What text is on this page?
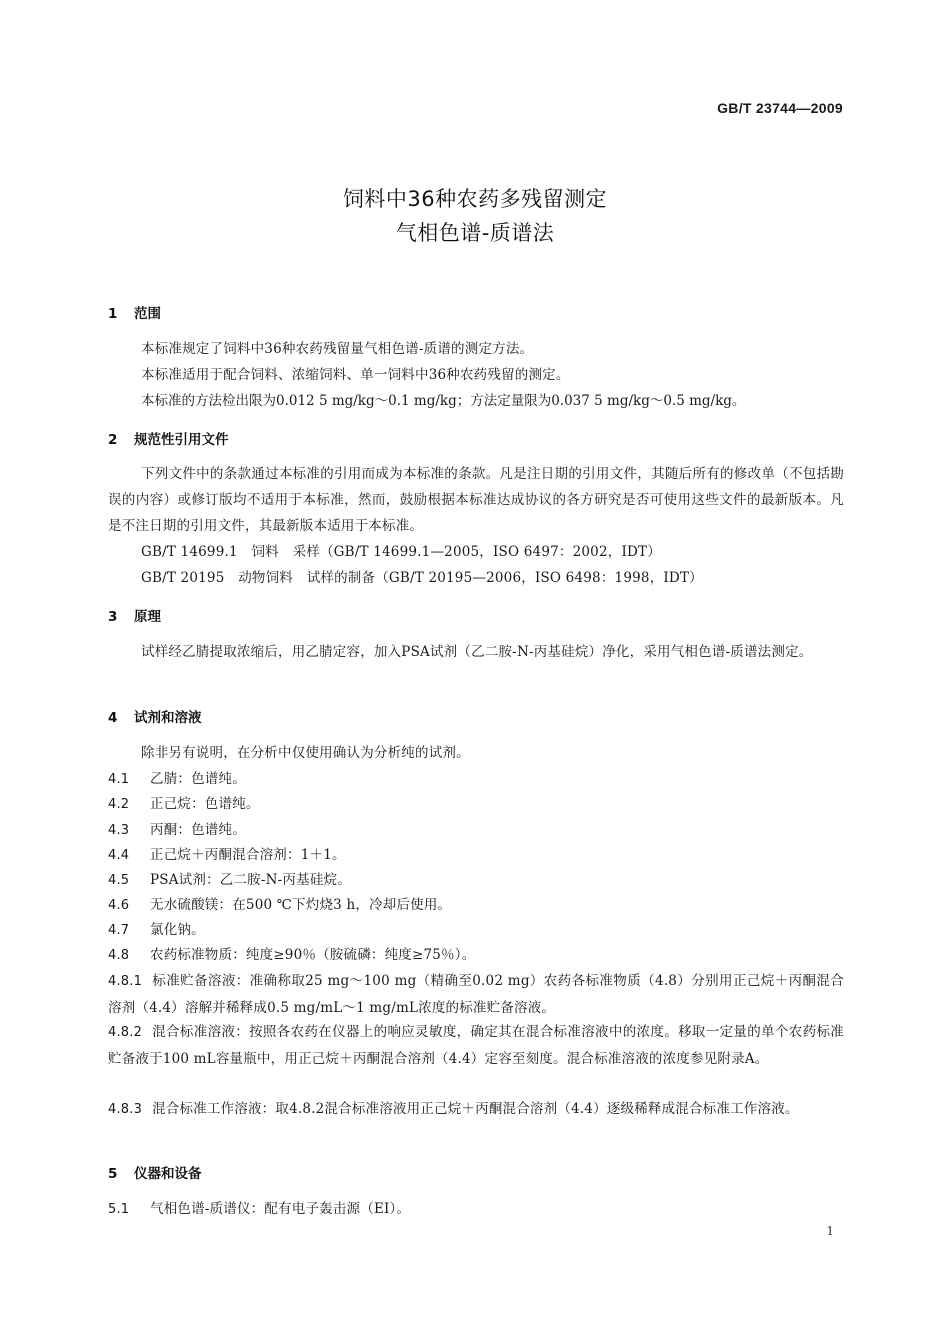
GB/T 23744—2009
饲料中36种农药多残留测定
气相色谱-质谱法
1 范围
本标准规定了饲料中36种农药残留量气相色谱-质谱的测定方法。
本标准适用于配合饲料、浓缩饲料、单一饲料中36种农药残留的测定。
本标准的方法检出限为0.012 5 mg/kg～0.1 mg/kg；方法定量限为0.037 5 mg/kg～0.5 mg/kg。
2 规范性引用文件
下列文件中的条款通过本标准的引用而成为本标准的条款。凡是注日期的引用文件，其随后所有的修改单（不包括勘误的内容）或修订版均不适用于本标准，然而，鼓励根据本标准达成协议的各方研究是否可使用这些文件的最新版本。凡是不注日期的引用文件，其最新版本适用于本标准。
GB/T 14699.1　饲料　采样（GB/T 14699.1—2005，ISO 6497：2002，IDT）
GB/T 20195　动物饲料　试样的制备（GB/T 20195—2006，ISO 6498：1998，IDT）
3 原理
试样经乙腈提取浓缩后，用乙腈定容，加入PSA试剂（乙二胺-N-丙基硅烷）净化，采用气相色谱-质谱法测定。
4 试剂和溶液
除非另有说明，在分析中仅使用确认为分析纯的试剂。
4.1 乙腈：色谱纯。
4.2 正己烷：色谱纯。
4.3 丙酮：色谱纯。
4.4 正己烷＋丙酮混合溶剂：1＋1。
4.5 PSA试剂：乙二胺-N-丙基硅烷。
4.6 无水硫酸镁：在500 ℃下灼烧3 h，冷却后使用。
4.7 氯化钠。
4.8 农药标准物质：纯度≥90％（胺硫磷：纯度≥75％）。
4.8.1 标准贮备溶液：准确称取25 mg～100 mg（精确至0.02 mg）农药各标准物质（4.8）分别用正己烷＋丙酮混合溶剂（4.4）溶解并稀释成0.5 mg/mL～1 mg/mL浓度的标准贮备溶液。
4.8.2 混合标准溶液：按照各农药在仪器上的响应灵敏度，确定其在混合标准溶液中的浓度。移取一定量的单个农药标准贮备液于100 mL容量瓶中，用正己烷＋丙酮混合溶剂（4.4）定容至刻度。混合标准溶液的浓度参见附录A。
4.8.3 混合标准工作溶液：取4.8.2混合标准溶液用正己烷＋丙酮混合溶剂（4.4）逐级稀释成混合标准工作溶液。
5 仪器和设备
5.1 气相色谱-质谱仪：配有电子轰击源（EI）。
1
